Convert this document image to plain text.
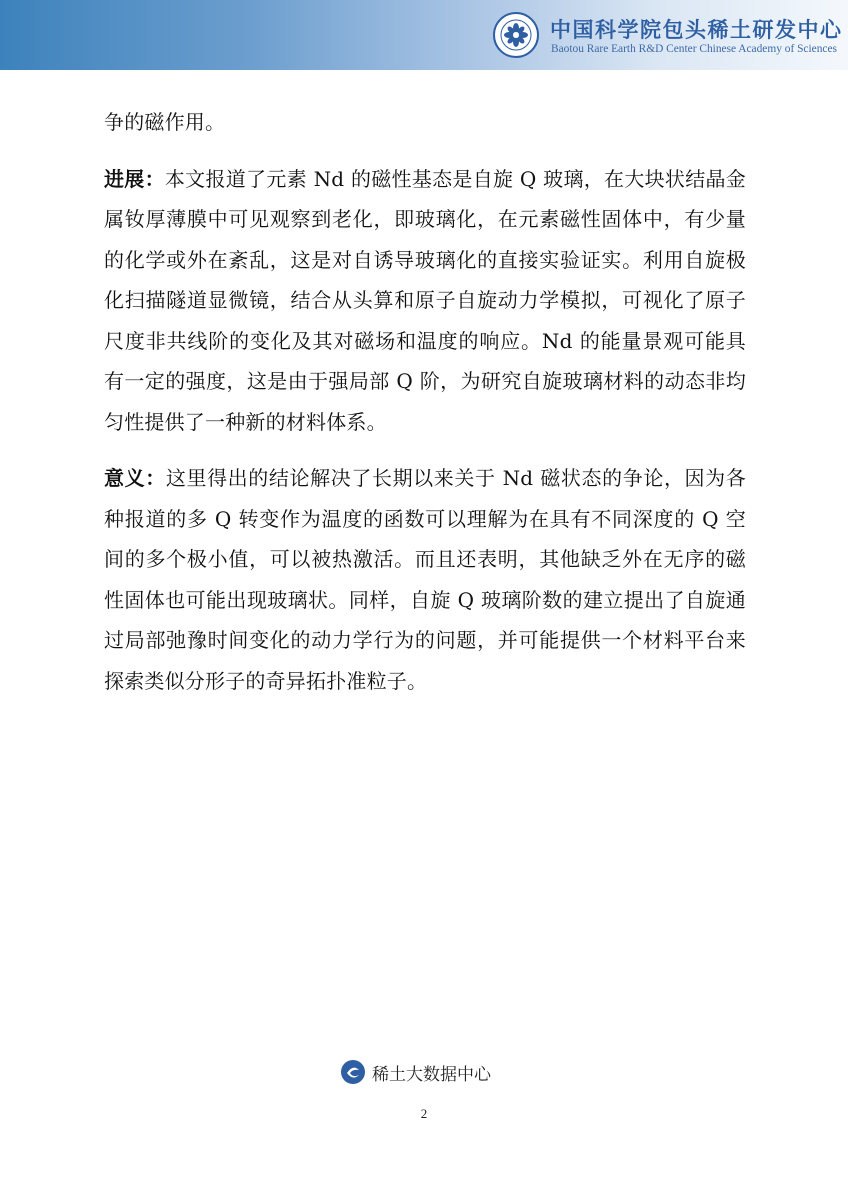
中国科学院包头稀土研发中心
Baotou Rare Earth R&D Center Chinese Academy of Sciences

争的磁作用。

进展：本文报道了元素 Nd 的磁性基态是自旋 Q 玻璃，在大块状结晶金属钕厚薄膜中可见观察到老化，即玻璃化，在元素磁性固体中，有少量的化学或外在紊乱，这是对自诱导玻璃化的直接实验证实。利用自旋极化扫描隧道显微镜，结合从头算和原子自旋动力学模拟，可视化了原子尺度非共线阶的变化及其对磁场和温度的响应。Nd 的能量景观可能具有一定的强度，这是由于强局部 Q 阶，为研究自旋玻璃材料的动态非均匀性提供了一种新的材料体系。

意义：这里得出的结论解决了长期以来关于 Nd 磁状态的争论，因为各种报道的多 Q 转变作为温度的函数可以理解为在具有不同深度的 Q 空间的多个极小值，可以被热激活。而且还表明，其他缺乏外在无序的磁性固体也可能出现玻璃状。同样，自旋 Q 玻璃阶数的建立提出了自旋通过局部弛豫时间变化的动力学行为的问题，并可能提供一个材料平台来探索类似分形子的奇异拓扑准粒子。

稀土大数据中心
2
